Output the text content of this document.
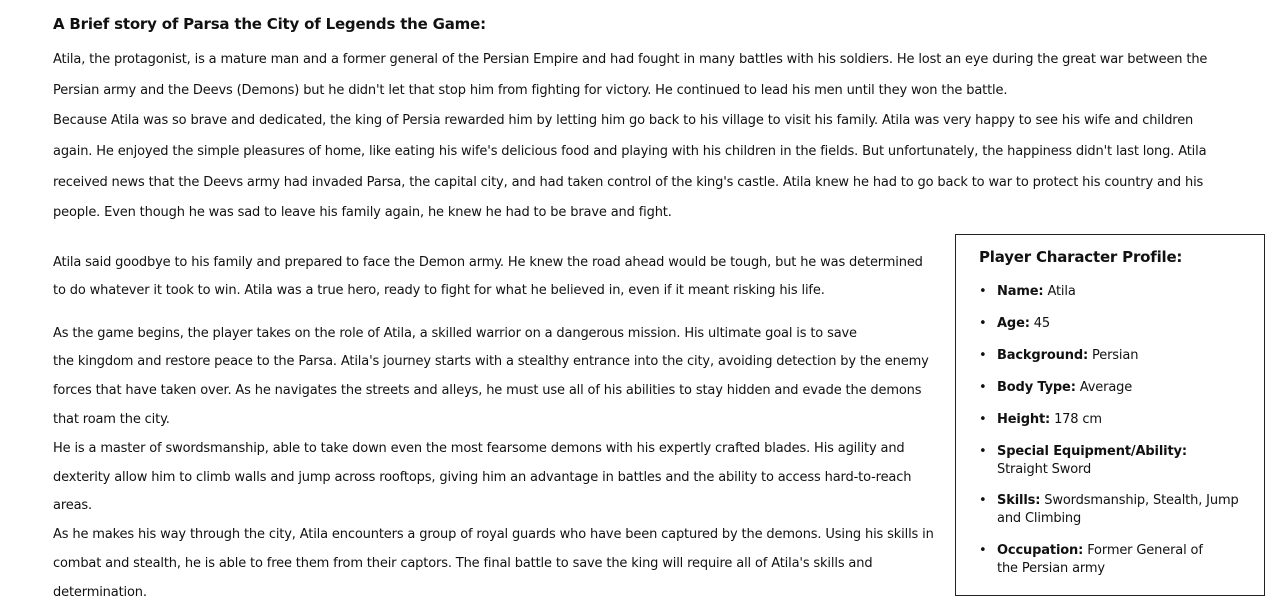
A Brief story of Parsa the City of Legends the Game:
Atila, the protagonist, is a mature man and a former general of the Persian Empire and had fought in many battles with his soldiers. He lost an eye during the great war between the
Persian army and the Deevs (Demons) but he didn't let that stop him from fighting for victory. He continued to lead his men until they won the battle.
Because Atila was so brave and dedicated, the king of Persia rewarded him by letting him go back to his village to visit his family. Atila was very happy to see his wife and children
again. He enjoyed the simple pleasures of home, like eating his wife's delicious food and playing with his children in the fields. But unfortunately, the happiness didn't last long. Atila
received news that the Deevs army had invaded Parsa, the capital city, and had taken control of the king's castle. Atila knew he had to go back to war to protect his country and his
people. Even though he was sad to leave his family again, he knew he had to be brave and fight.
Atila said goodbye to his family and prepared to face the Demon army. He knew the road ahead would be tough, but he was determined
to do whatever it took to win. Atila was a true hero, ready to fight for what he believed in, even if it meant risking his life.
As the game begins, the player takes on the role of Atila, a skilled warrior on a dangerous mission. His ultimate goal is to save
the kingdom and restore peace to the Parsa. Atila's journey starts with a stealthy entrance into the city, avoiding detection by the enemy
forces that have taken over. As he navigates the streets and alleys, he must use all of his abilities to stay hidden and evade the demons
that roam the city.
He is a master of swordsmanship, able to take down even the most fearsome demons with his expertly crafted blades. His agility and
dexterity allow him to climb walls and jump across rooftops, giving him an advantage in battles and the ability to access hard-to-reach
areas.
As he makes his way through the city, Atila encounters a group of royal guards who have been captured by the demons. Using his skills in
combat and stealth, he is able to free them from their captors. The final battle to save the king will require all of Atila's skills and
determination.
Player Character Profile:
• Name: Atila
• Age: 45
• Background: Persian
• Body Type: Average
• Height: 178 cm
• Special Equipment/Ability:
Straight Sword
• Skills: Swordsmanship, Stealth, Jump and Climbing
• Occupation: Former General of the Persian army
